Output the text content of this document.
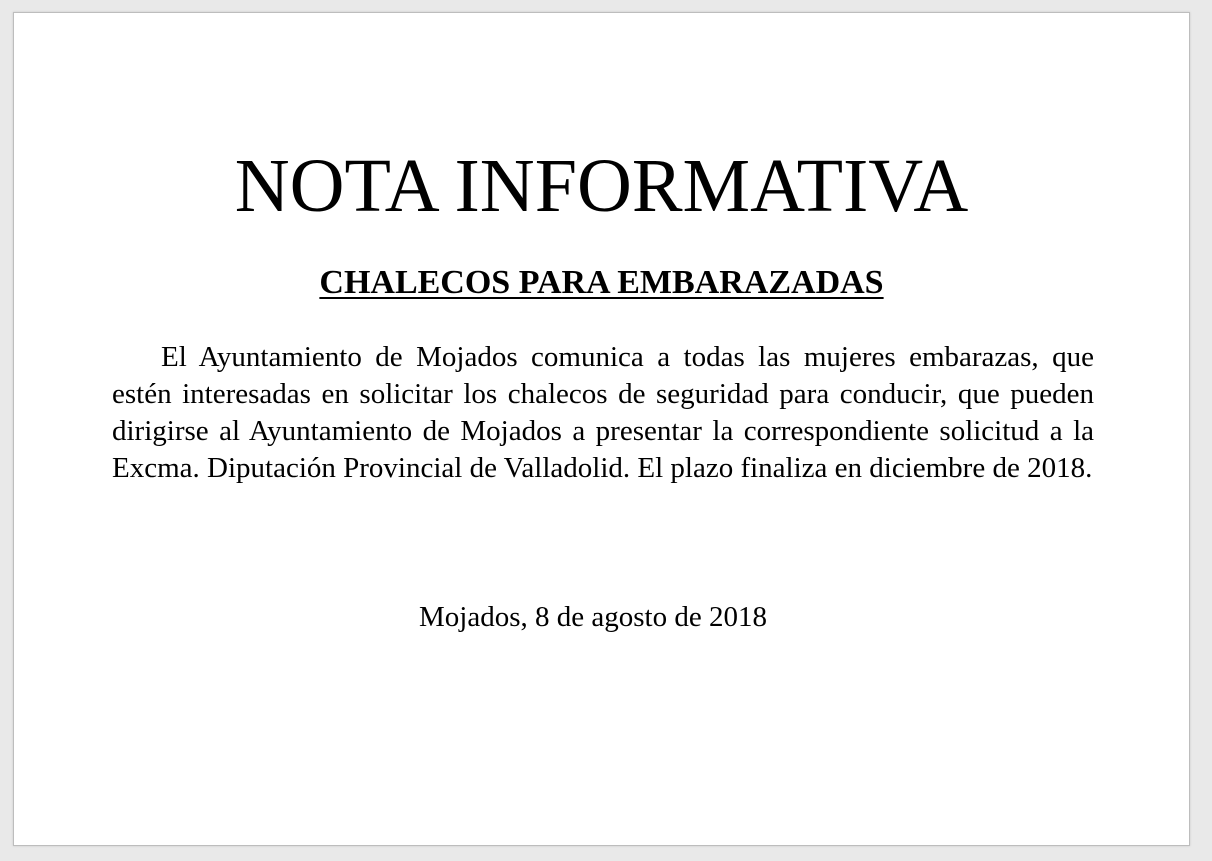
NOTA INFORMATIVA
CHALECOS PARA EMBARAZADAS

El Ayuntamiento de Mojados comunica a todas las mujeres embarazas, que estén interesadas en solicitar los chalecos de seguridad para conducir, que pueden dirigirse al Ayuntamiento de Mojados a presentar la correspondiente solicitud a la Excma. Diputación Provincial de Valladolid. El plazo finaliza en diciembre de 2018.

Mojados, 8 de agosto de 2018
